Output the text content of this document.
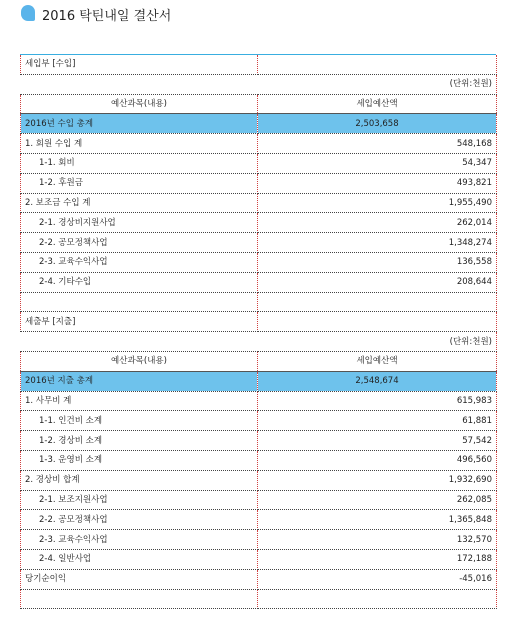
2016 탁틴내일 결산서
세입부 [수입]	
	(단위:천원)
예산과목(내용)	세입예산액
2016년 수입 총계	2,503,658
1. 회원 수입 계	548,168
1-1. 회비	54,347
1-2. 후원금	493,821
2. 보조금 수입 계	1,955,490
2-1. 경상비지원사업	262,014
2-2. 공모정책사업	1,348,274
2-3. 교육수익사업	136,558
2-4. 기타수입	208,644

세출부 [지출]	
	(단위:천원)
예산과목(내용)	세입예산액
2016년 지출 총계	2,548,674
1. 사무비 계	615,983
1-1. 인건비 소계	61,881
1-2. 경상비 소계	57,542
1-3. 운영비 소계	496,560
2. 경상비 합계	1,932,690
2-1. 보조지원사업	262,085
2-2. 공모정책사업	1,365,848
2-3. 교육수익사업	132,570
2-4. 일반사업	172,188
당기순이익	-45,016
